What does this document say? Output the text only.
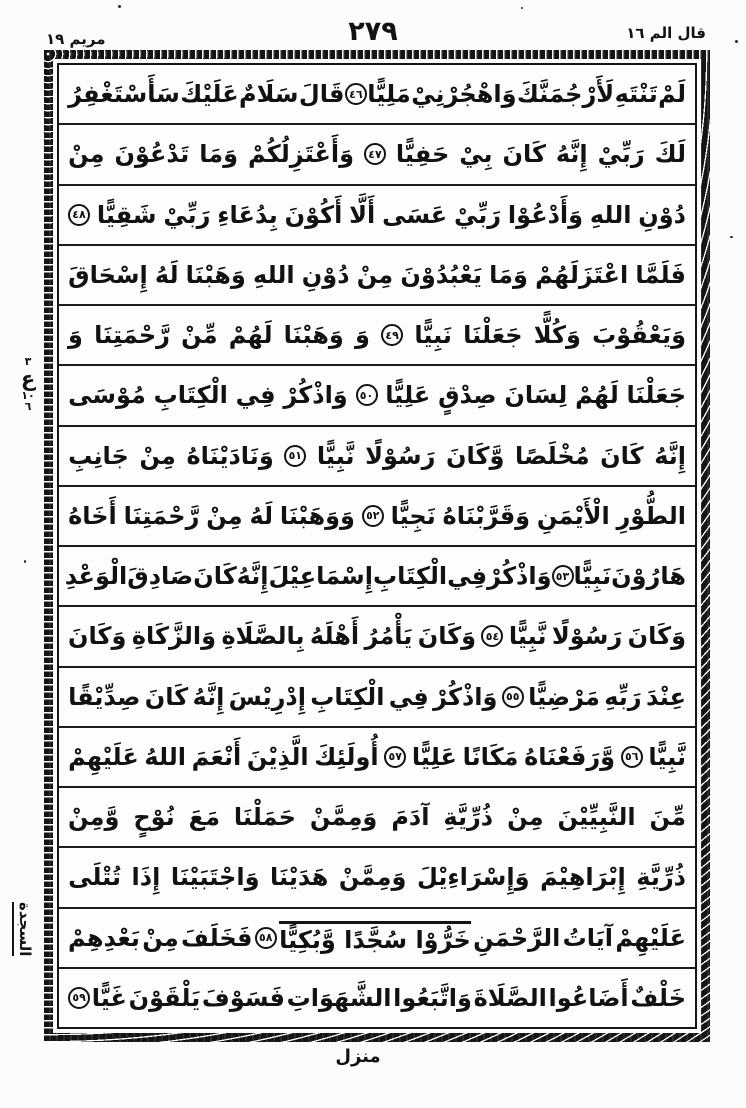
قال الم ١٦
٢٧٩
مريم ١٩
لَمْ
تَنْتَهِ
لَأَرْجُمَنَّكَ
وَاهْجُرْنِيْ
مَلِيًّا
٤٦
قَالَ
سَلَامٌ
عَلَيْكَ
سَأَسْتَغْفِرُ
لَكَ
رَبِّيْ
إِنَّهُ
كَانَ
بِيْ
حَفِيًّا
٤٧
وَأَعْتَزِلُكُمْ
وَمَا
تَدْعُوْنَ
مِنْ
دُوْنِ
اللهِ
وَأَدْعُوْا
رَبِّيْ
عَسَى
أَلَّا
أَكُوْنَ
بِدُعَاءِ
رَبِّيْ
شَقِيًّا
٤٨
فَلَمَّا
اعْتَزَلَهُمْ
وَمَا
يَعْبُدُوْنَ
مِنْ
دُوْنِ
اللهِ
وَهَبْنَا
لَهُ
إِسْحَاقَ
وَيَعْقُوْبَ
وَكُلًّا
جَعَلْنَا
نَبِيًّا
٤٩
وَ
وَهَبْنَا
لَهُمْ
مِّنْ
رَّحْمَتِنَا
وَ
جَعَلْنَا
لَهُمْ
لِسَانَ
صِدْقٍ
عَلِيًّا
٥٠
وَاذْكُرْ
فِي
الْكِتَابِ
مُوْسَى
إِنَّهُ
كَانَ
مُخْلَصًا
وَّكَانَ
رَسُوْلًا
نَّبِيًّا
٥١
وَنَادَيْنَاهُ
مِنْ
جَانِبِ
الطُّوْرِ
الْأَيْمَنِ
وَقَرَّبْنَاهُ
نَجِيًّا
٥٢
وَوَهَبْنَا
لَهُ
مِنْ
رَّحْمَتِنَا
أَخَاهُ
هَارُوْنَ
نَبِيًّا
٥٣
وَاذْكُرْ
فِي
الْكِتَابِ
إِسْمَاعِيْلَ
إِنَّهُ
كَانَ
صَادِقَ
الْوَعْدِ
وَكَانَ
رَسُوْلًا
نَّبِيًّا
٥٤
وَكَانَ
يَأْمُرُ
أَهْلَهُ
بِالصَّلَاةِ
وَالزَّكَاةِ
وَكَانَ
عِنْدَ
رَبِّهِ
مَرْضِيًّا
٥٥
وَاذْكُرْ
فِي
الْكِتَابِ
إِدْرِيْسَ
إِنَّهُ
كَانَ
صِدِّيْقًا
نَّبِيًّا
٥٦
وَّرَفَعْنَاهُ
مَكَانًا
عَلِيًّا
٥٧
أُولَئِكَ
الَّذِيْنَ
أَنْعَمَ
اللهُ
عَلَيْهِمْ
مِّنَ
النَّبِيِّيْنَ
مِنْ
ذُرِّيَّةِ
آدَمَ
وَمِمَّنْ
حَمَلْنَا
مَعَ
نُوْحٍ
وَّمِنْ
ذُرِّيَّةِ
إِبْرَاهِيْمَ
وَإِسْرَاءِيْلَ
وَمِمَّنْ
هَدَيْنَا
وَاجْتَبَيْنَا
إِذَا
تُتْلَى
عَلَيْهِمْ
آيَاتُ
الرَّحْمَنِ
خَرُّوْا سُجَّدًا وَّبُكِيًّا
٥٨
فَخَلَفَ
مِنْ
بَعْدِهِمْ
خَلْفٌ
أَضَاعُوا
الصَّلَاةَ
وَاتَّبَعُوا
الشَّهَوَاتِ
فَسَوْفَ
يَلْقَوْنَ
غَيًّا
٥٩
٣
ع
١٠
٦
السجدة
منزل
